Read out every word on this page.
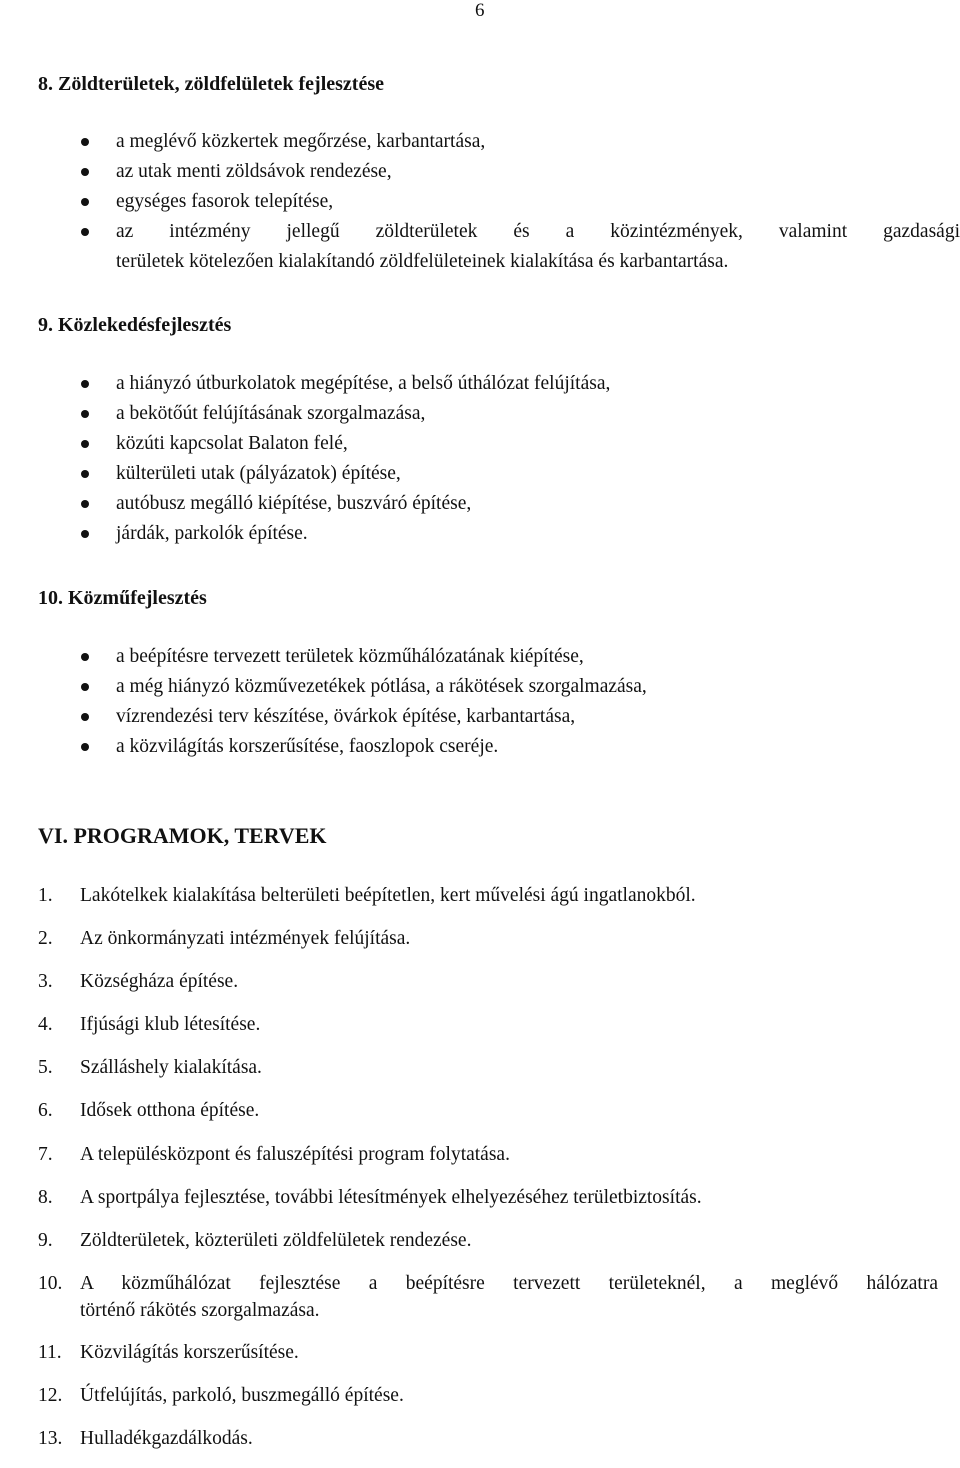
6
8. Zöldterületek, zöldfelületek fejlesztése
a meglévő közkertek megőrzése, karbantartása,
az utak menti zöldsávok rendezése,
egységes fasorok telepítése,
az intézmény jellegű zöldterületek és a közintézmények, valamint gazdasági
területek kötelezően kialakítandó zöldfelületeinek kialakítása és karbantartása.
9. Közlekedésfejlesztés
a hiányzó útburkolatok megépítése, a belső úthálózat felújítása,
a bekötőút felújításának szorgalmazása,
közúti kapcsolat Balaton felé,
külterületi utak (pályázatok) építése,
autóbusz megálló kiépítése, buszváró építése,
járdák, parkolók építése.
10. Közműfejlesztés
a beépítésre tervezett területek közműhálózatának kiépítése,
a még hiányzó közművezetékek pótlása, a rákötések szorgalmazása,
vízrendezési terv készítése, övárkok építése, karbantartása,
a közvilágítás korszerűsítése, faoszlopok cseréje.
VI. PROGRAMOK, TERVEK
1. Lakótelkek kialakítása belterületi beépítetlen, kert művelési ágú ingatlanokból.
2. Az önkormányzati intézmények felújítása.
3. Községháza építése.
4. Ifjúsági klub létesítése.
5. Szálláshely kialakítása.
6. Idősek otthona építése.
7. A településközpont és faluszépítési program folytatása.
8. A sportpálya fejlesztése, további létesítmények elhelyezéséhez területbiztosítás.
9. Zöldterületek, közterületi zöldfelületek rendezése.
10. A közműhálózat fejlesztése a beépítésre tervezett területeknél, a meglévő hálózatra
történő rákötés szorgalmazása.
11. Közvilágítás korszerűsítése.
12. Útfelújítás, parkoló, buszmegálló építése.
13. Hulladékgazdálkodás.
